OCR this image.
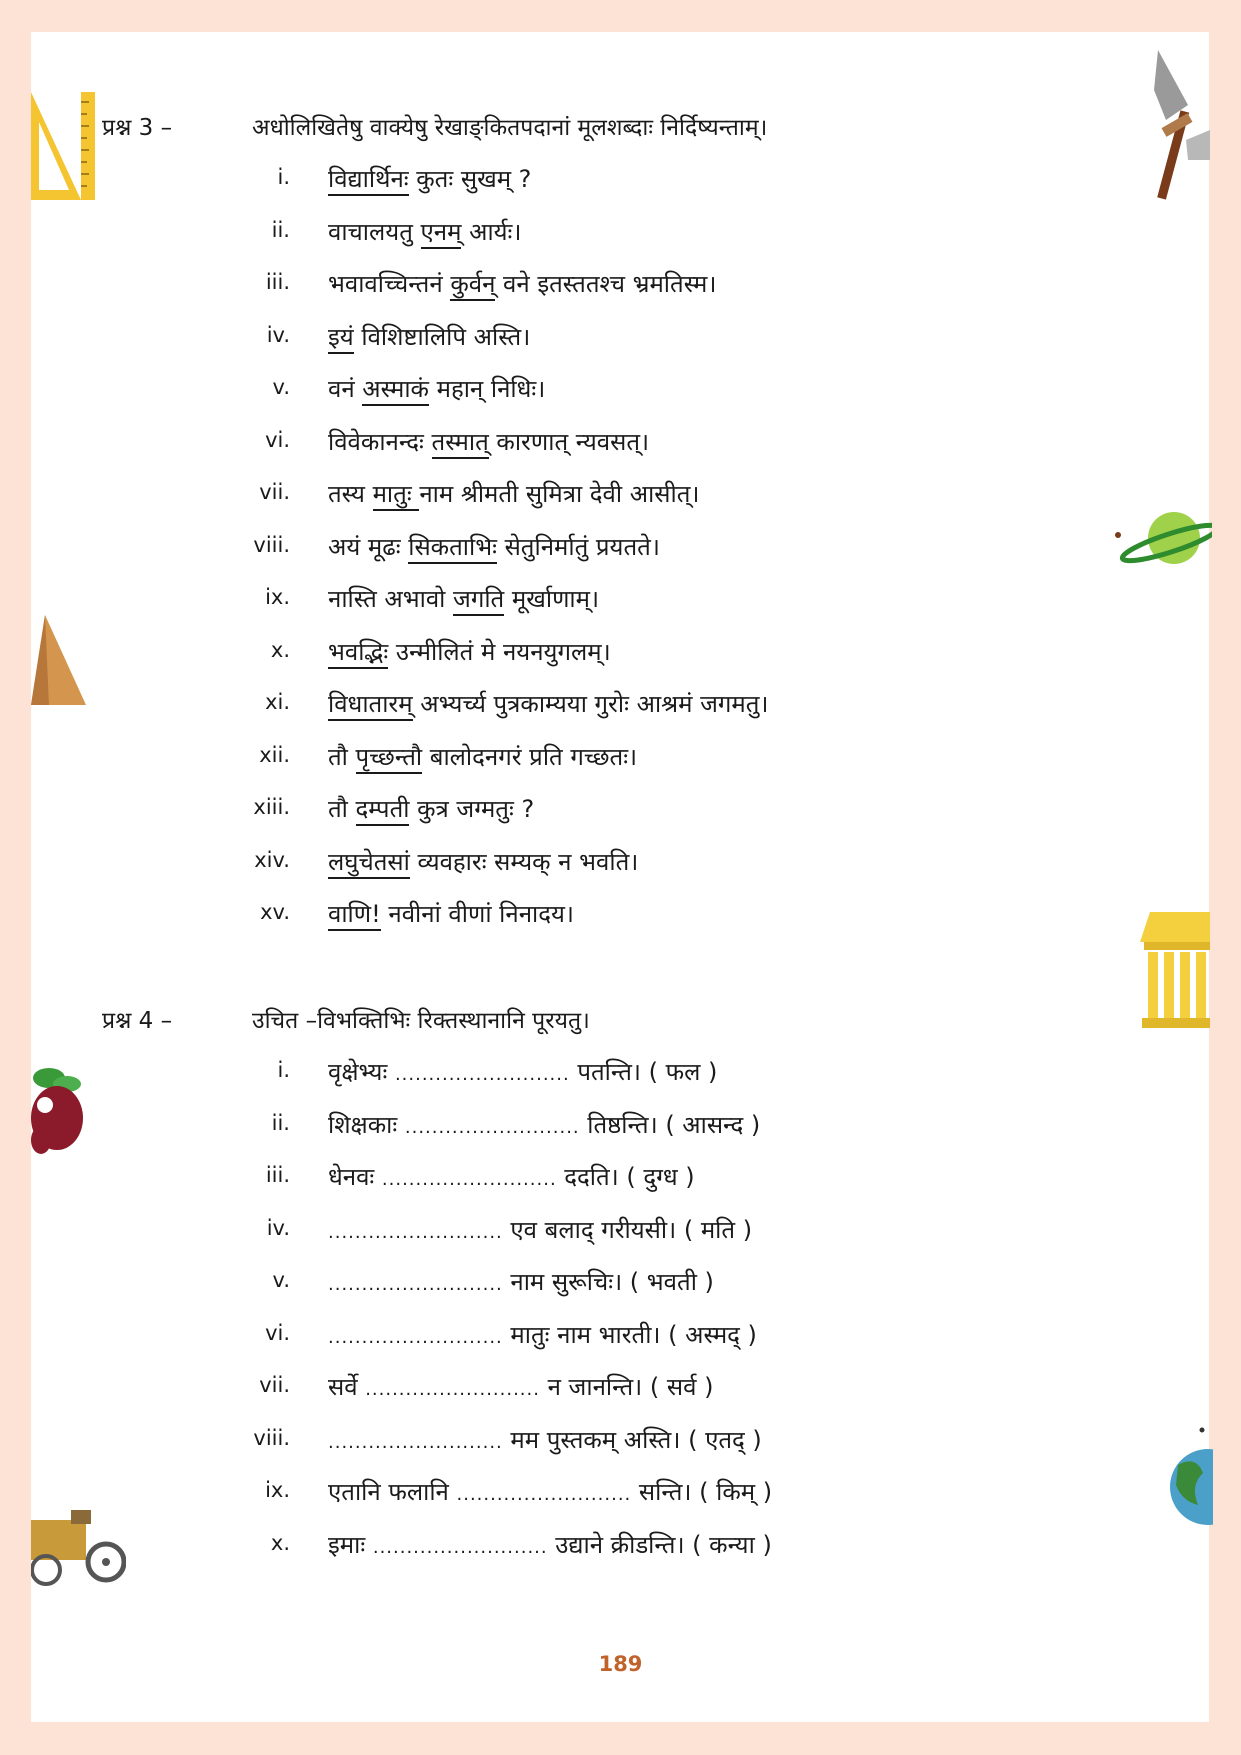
प्रश्न 3 –	अधोलिखितेषु वाक्येषु रेखाङ्‌कितपदानां मूलशब्दाः निर्दिष्यन्ताम्।
i. विद्यार्थिनः कुतः सुखम् ?
ii. वाचालयतु एनम् आर्यः।
iii. भवावच्चिन्तनं कुर्वन् वने इतस्ततश्च भ्रमतिस्म।
iv. इयं विशिष्टालिपि अस्ति।
v. वनं अस्माकं महान् निधिः।
vi. विवेकानन्दः तस्मात् कारणात् न्यवसत्।
vii. तस्य मातुः नाम श्रीमती सुमित्रा देवी आसीत्।
viii. अयं मूढः सिकताभिः सेतुनिर्मातुं प्रयतते।
ix. नास्ति अभावो जगति मूर्खाणाम्।
x. भवद्भिः उन्मीलितं मे नयनयुगलम्।
xi. विधातारम् अभ्यर्च्य पुत्रकाम्यया गुरोः आश्रमं जगमतु।
xii. तौ पृच्छन्तौ बालोदनगरं प्रति गच्छतः।
xiii. तौ दम्पती कुत्र जग्मतुः ?
xiv. लघुचेतसां व्यवहारः सम्यक् न भवति।
xv. वाणि! नवीनां वीणां निनादय।
प्रश्न 4 –	उचित –विभक्तिभिः रिक्तस्थानानि पूरयतु।
i. वृक्षेभ्यः .......................... पतन्ति। ( फल )
ii. शिक्षकाः .......................... तिष्ठन्ति। ( आसन्द )
iii. धेनवः .......................... ददति। ( दुग्ध )
iv. .......................... एव बलाद् गरीयसी। ( मति )
v. .......................... नाम सुरूचिः। ( भवती )
vi. .......................... मातुः नाम भारती। ( अस्मद् )
vii. सर्वे .......................... न जानन्ति। ( सर्व )
viii. .......................... मम पुस्तकम् अस्ति। ( एतद् )
ix. एतानि फलानि .......................... सन्ति। ( किम् )
x. इमाः .......................... उद्याने क्रीडन्ति। ( कन्या )
189
